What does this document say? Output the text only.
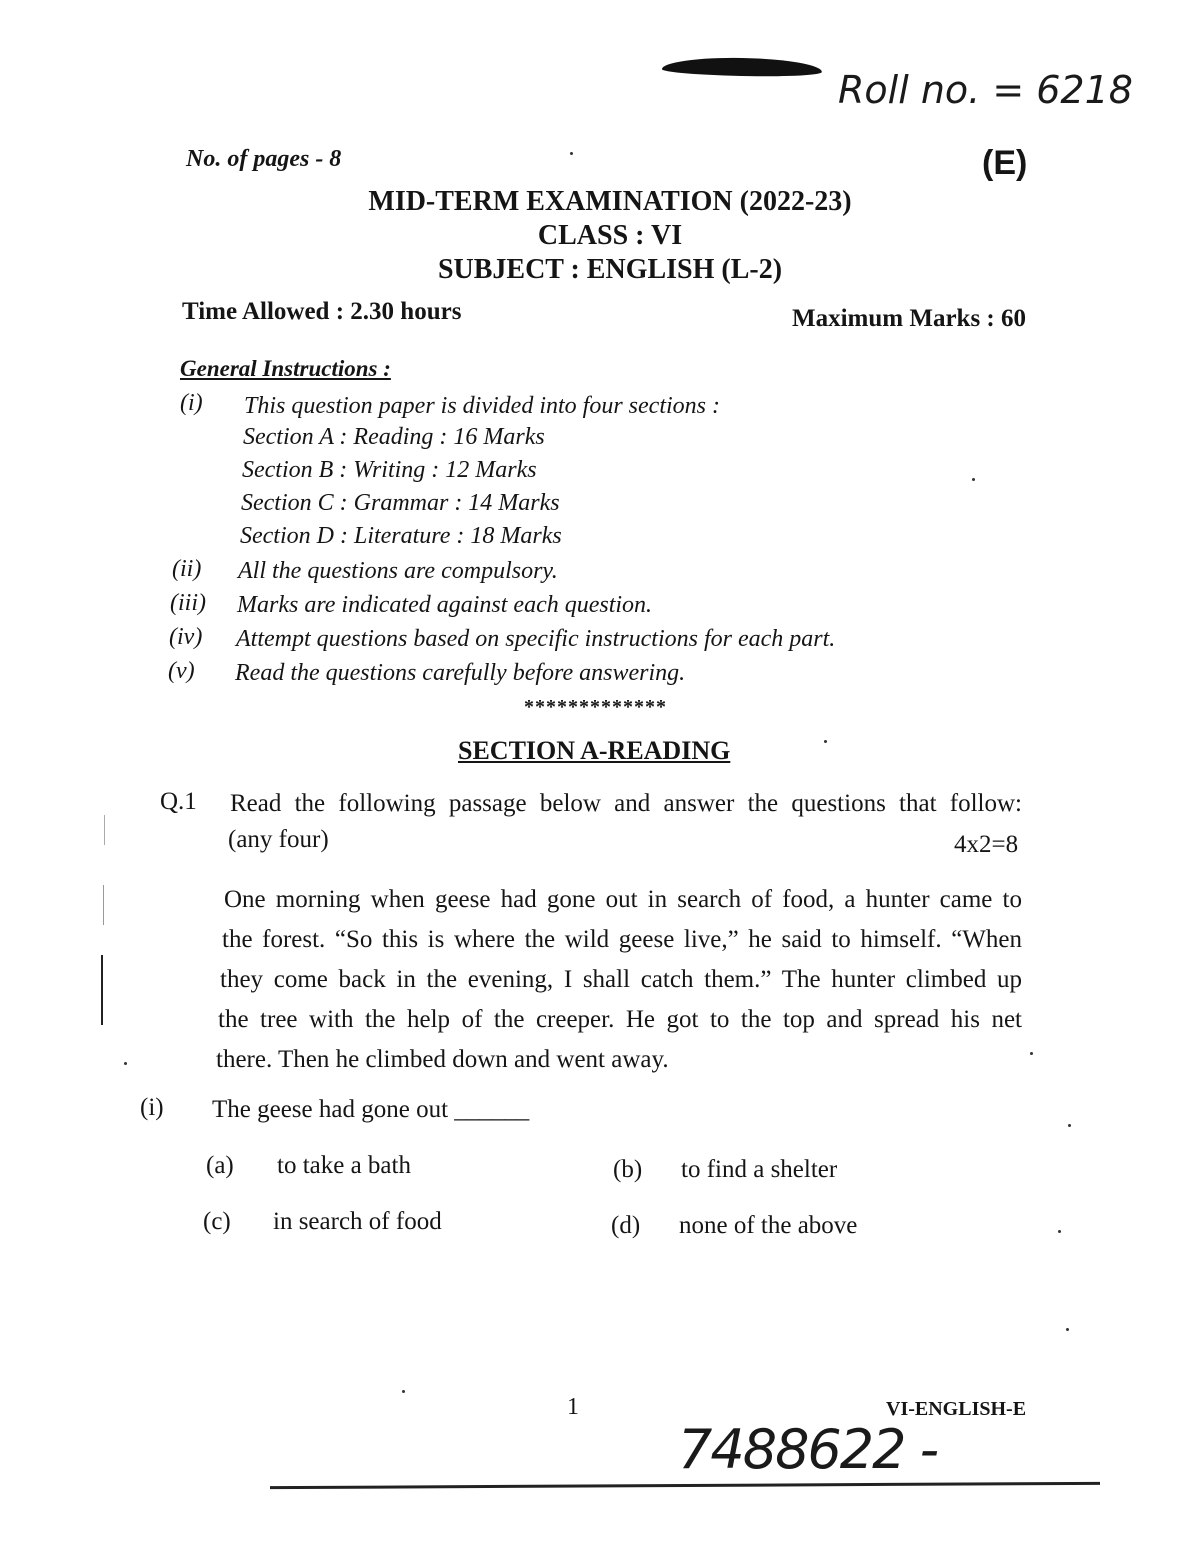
Roll no. = 6218
No. of pages - 8	(E)
MID-TERM EXAMINATION (2022-23)
CLASS : VI
SUBJECT : ENGLISH (L-2)
Time Allowed : 2.30 hours	Maximum Marks : 60
General Instructions :
(i) This question paper is divided into four sections :
Section A : Reading : 16 Marks
Section B : Writing : 12 Marks
Section C : Grammar : 14 Marks
Section D : Literature : 18 Marks
(ii) All the questions are compulsory.
(iii) Marks are indicated against each question.
(iv) Attempt questions based on specific instructions for each part.
(v) Read the questions carefully before answering.
*************
SECTION A-READING
Q.1 Read the following passage below and answer the questions that follow:
(any four)	4x2=8
One morning when geese had gone out in search of food, a hunter came to
the forest. “So this is where the wild geese live,” he said to himself. “When
they come back in the evening, I shall catch them.” The hunter climbed up
the tree with the help of the creeper. He got to the top and spread his net
there. Then he climbed down and went away.
(i) The geese had gone out ______
(a) to take a bath	(b) to find a shelter
(c) in search of food	(d) none of the above
1	VI-ENGLISH-E
7488622 -
